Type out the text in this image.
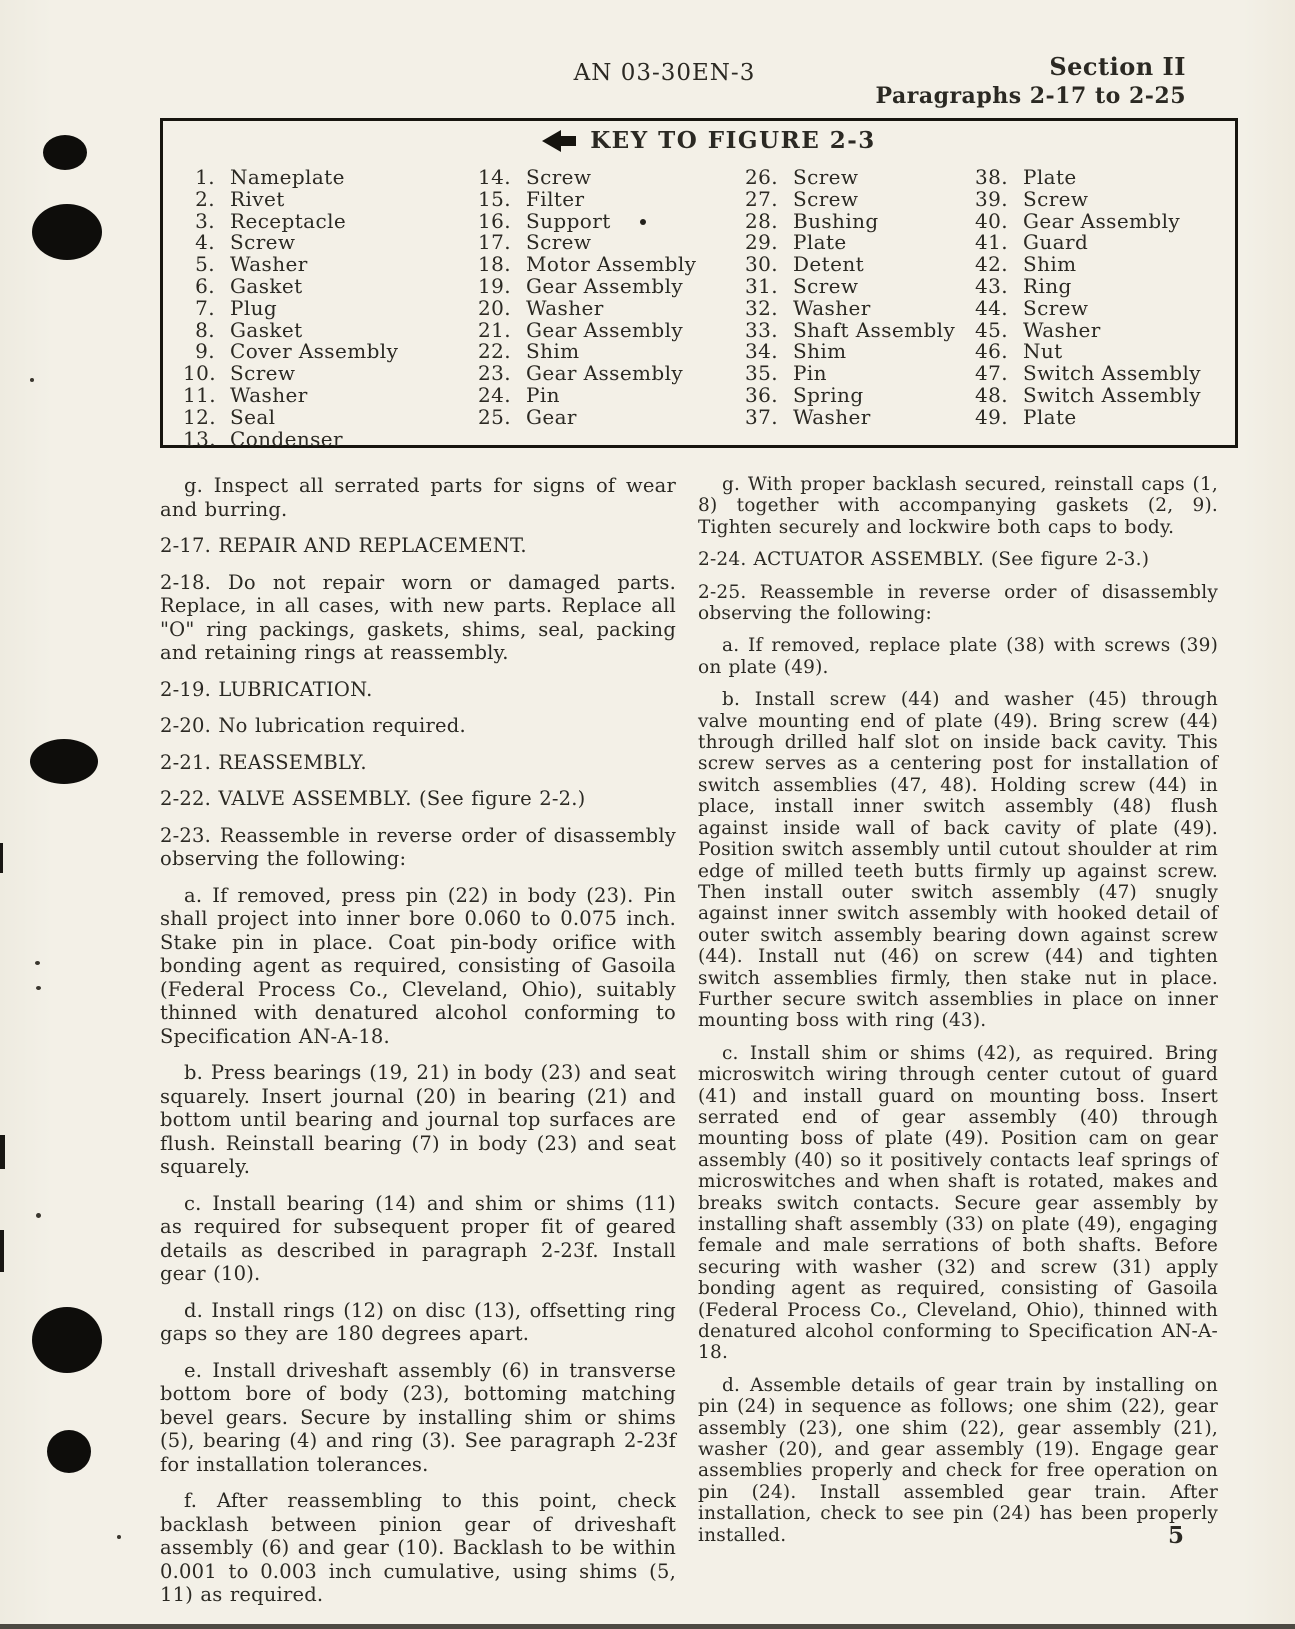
AN 03-30EN-3	Section II
Paragraphs 2-17 to 2-25
KEY TO FIGURE 2-3
1. Nameplate
2. Rivet
3. Receptacle
4. Screw
5. Washer
6. Gasket
7. Plug
8. Gasket
9. Cover Assembly
10. Screw
11. Washer
12. Seal
13. Condenser
14. Screw
15. Filter
16. Support
17. Screw
18. Motor Assembly
19. Gear Assembly
20. Washer
21. Gear Assembly
22. Shim
23. Gear Assembly
24. Pin
25. Gear
26. Screw
27. Screw
28. Bushing
29. Plate
30. Detent
31. Screw
32. Washer
33. Shaft Assembly
34. Shim
35. Pin
36. Spring
37. Washer
38. Plate
39. Screw
40. Gear Assembly
41. Guard
42. Shim
43. Ring
44. Screw
45. Washer
46. Nut
47. Switch Assembly
48. Switch Assembly
49. Plate

g. Inspect all serrated parts for signs of wear and burring.

2-17. REPAIR AND REPLACEMENT.

2-18. Do not repair worn or damaged parts. Replace, in all cases, with new parts. Replace all "O" ring packings, gaskets, shims, seal, packing and retaining rings at reassembly.

2-19. LUBRICATION.

2-20. No lubrication required.

2-21. REASSEMBLY.

2-22. VALVE ASSEMBLY. (See figure 2-2.)

2-23. Reassemble in reverse order of disassembly observing the following:

a. If removed, press pin (22) in body (23). Pin shall project into inner bore 0.060 to 0.075 inch. Stake pin in place. Coat pin-body orifice with bonding agent as required, consisting of Gasoila (Federal Process Co., Cleveland, Ohio), suitably thinned with denatured alcohol conforming to Specification AN-A-18.

b. Press bearings (19, 21) in body (23) and seat squarely. Insert journal (20) in bearing (21) and bottom until bearing and journal top surfaces are flush. Reinstall bearing (7) in body (23) and seat squarely.

c. Install bearing (14) and shim or shims (11) as required for subsequent proper fit of geared details as described in paragraph 2-23f. Install gear (10).

d. Install rings (12) on disc (13), offsetting ring gaps so they are 180 degrees apart.

e. Install driveshaft assembly (6) in transverse bottom bore of body (23), bottoming matching bevel gears. Secure by installing shim or shims (5), bearing (4) and ring (3). See paragraph 2-23f for installation tolerances.

f. After reassembling to this point, check backlash between pinion gear of driveshaft assembly (6) and gear (10). Backlash to be within 0.001 to 0.003 inch cumulative, using shims (5, 11) as required.

g. With proper backlash secured, reinstall caps (1, 8) together with accompanying gaskets (2, 9). Tighten securely and lockwire both caps to body.

2-24. ACTUATOR ASSEMBLY. (See figure 2-3.)

2-25. Reassemble in reverse order of disassembly observing the following:

a. If removed, replace plate (38) with screws (39) on plate (49).

b. Install screw (44) and washer (45) through valve mounting end of plate (49). Bring screw (44) through drilled half slot on inside back cavity. This screw serves as a centering post for installation of switch assemblies (47, 48). Holding screw (44) in place, install inner switch assembly (48) flush against inside wall of back cavity of plate (49). Position switch assembly until cutout shoulder at rim edge of milled teeth butts firmly up against screw. Then install outer switch assembly (47) snugly against inner switch assembly with hooked detail of outer switch assembly bearing down against screw (44). Install nut (46) on screw (44) and tighten switch assemblies firmly, then stake nut in place. Further secure switch assemblies in place on inner mounting boss with ring (43).

c. Install shim or shims (42), as required. Bring microswitch wiring through center cutout of guard (41) and install guard on mounting boss. Insert serrated end of gear assembly (40) through mounting boss of plate (49). Position cam on gear assembly (40) so it positively contacts leaf springs of microswitches and when shaft is rotated, makes and breaks switch contacts. Secure gear assembly by installing shaft assembly (33) on plate (49), engaging female and male serrations of both shafts. Before securing with washer (32) and screw (31) apply bonding agent as required, consisting of Gasoila (Federal Process Co., Cleveland, Ohio), thinned with denatured alcohol conforming to Specification AN-A-18.

d. Assemble details of gear train by installing on pin (24) in sequence as follows; one shim (22), gear assembly (23), one shim (22), gear assembly (21), washer (20), and gear assembly (19). Engage gear assemblies properly and check for free operation on pin (24). Install assembled gear train. After installation, check to see pin (24) has been properly installed.	5
